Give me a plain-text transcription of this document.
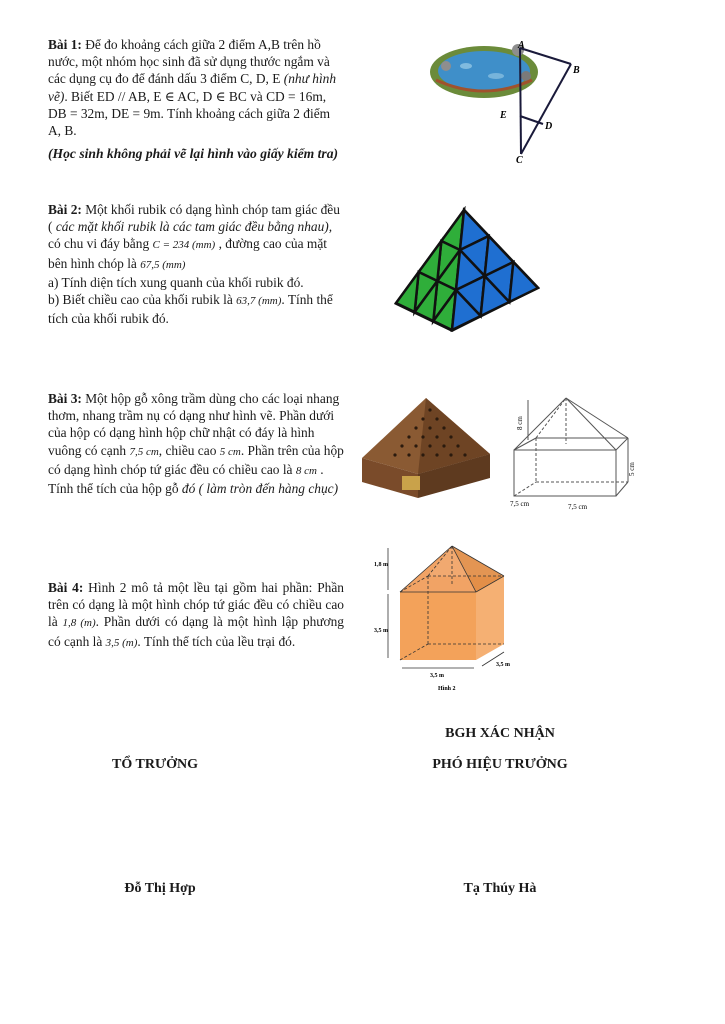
Bài 1: Để đo khoảng cách giữa 2 điểm A,B trên hồ nước, một nhóm học sinh đã sử dụng thước ngắm và các dụng cụ đo để đánh dấu 3 điểm C, D, E (như hình vẽ). Biết ED // AB, E ∈ AC, D ∈ BC và CD = 16m, DB = 32m, DE = 9m. Tính khoảng cách giữa 2 điểm A, B.
(Học sinh không phải vẽ lại hình vào giấy kiểm tra)
A
B
E
D
C
Bài 2: Một khối rubik có dạng hình chóp tam giác đều ( các mặt khối rubik là các tam giác đều bằng nhau), có chu vi đáy bằng C = 234 (mm) , đường cao của mặt bên hình chóp là 67,5 (mm)
a) Tính diện tích xung quanh của khối rubik đó.
b) Biết chiều cao của khối rubik là 63,7 (mm). Tính thể tích của khối rubik đó.
Bài 3: Một hộp gỗ xông trầm dùng cho các loại nhang thơm, nhang trầm nụ có dạng như hình vẽ. Phần dưới của hộp có dạng hình hộp chữ nhật có đáy là hình vuông có cạnh 7,5 cm, chiều cao 5 cm. Phần trên của hộp có dạng hình chóp tứ giác đều có chiều cao là 8 cm . Tính thể tích của hộp gỗ đó ( làm tròn đến hàng chục)
8 cm
5 cm
7,5 cm	7,5 cm
Bài 4: Hình 2 mô tả một lều tại gồm hai phần: Phần trên có dạng là một hình chóp tứ giác đều có chiều cao là 1,8 (m). Phần dưới có dạng là một hình lập phương có cạnh là 3,5 (m). Tính thể tích của lều trại đó.
1,8 m
3,5 m
3,5 m
3,5 m
Hình 2
BGH XÁC NHẬN
TỔ TRƯỞNG	PHÓ HIỆU TRƯỞNG
Đỗ Thị Hợp	Tạ Thúy Hà
